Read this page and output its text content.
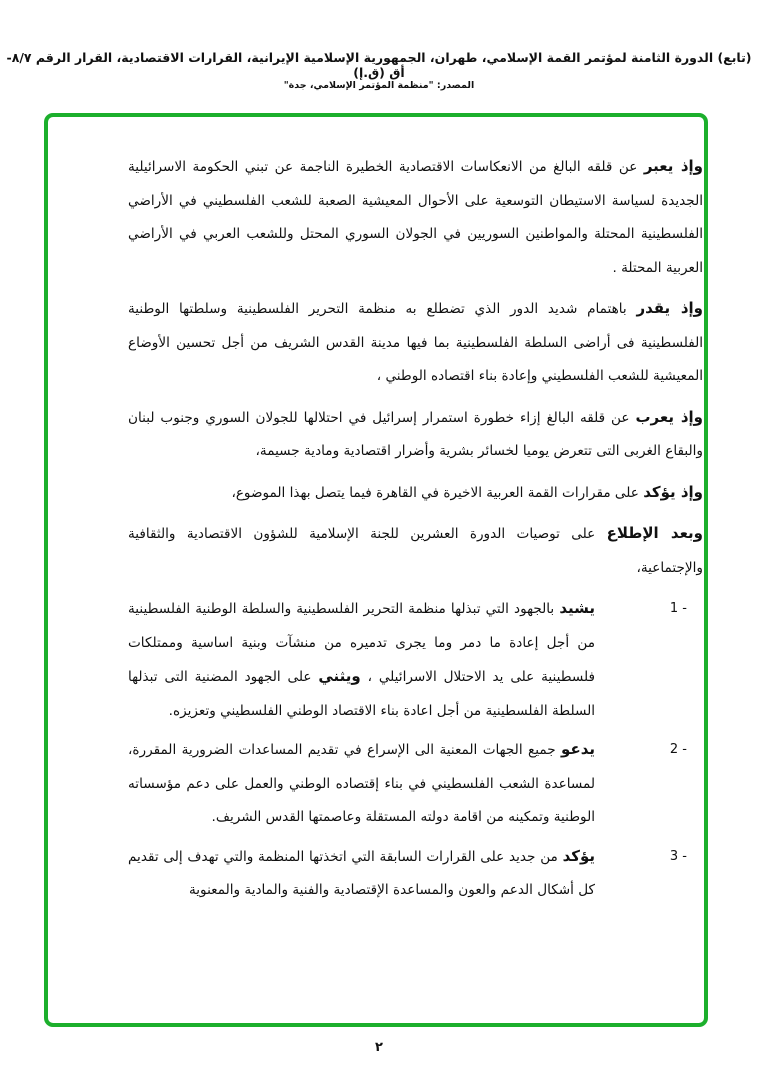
(تابع) الدورة الثامنة لمؤتمر القمة الإسلامي، طهران، الجمهورية الإسلامية الإيرانية، القرارات الاقتصادية، القرار الرقم ٨/٧-أق (ق.إ)
المصدر: "منظمة المؤتمر الإسلامي، جدة"

وإذ يعبر عن قلقه البالغ من الانعكاسات الاقتصادية الخطيرة الناجمة عن تبني الحكومة الاسرائيلية الجديدة لسياسة الاستيطان التوسعية على الأحوال المعيشية الصعبة للشعب الفلسطيني في الأراضي الفلسطينية المحتلة والمواطنين السوريين في الجولان السوري المحتل وللشعب العربي في الأراضي العربية المحتلة .

وإذ يقدر باهتمام شديد الدور الذي تضطلع به منظمة التحرير الفلسطينية وسلطتها الوطنية الفلسطينية فى أراضى السلطة الفلسطينية بما فيها مدينة القدس الشريف من أجل تحسين الأوضاع المعيشية للشعب الفلسطيني وإعادة بناء اقتصاده الوطني ،

وإذ يعرب عن قلقه البالغ إزاء خطورة استمرار إسرائيل في احتلالها للجولان السوري وجنوب لبنان والبقاع الغربى التى تتعرض يوميا لخسائر بشرية وأضرار اقتصادية ومادية جسيمة،

وإذ يؤكد على مقرارات القمة العربية الاخيرة في القاهرة فيما يتصل بهذا الموضوع،

وبعد الإطلاع على توصيات الدورة العشرين للجنة الإسلامية للشؤون الاقتصادية والثقافية والإجتماعية،

1 -
يشيد بالجهود التي تبذلها منظمة التحرير الفلسطينية والسلطة الوطنية الفلسطينية من أجل إعادة ما دمر وما يجرى تدميره من منشآت وبنية اساسية وممتلكات فلسطينية على يد الاحتلال الاسرائيلي ، ويثني على الجهود المضنية التى تبذلها السلطة الفلسطينية من أجل اعادة بناء الاقتصاد الوطني الفلسطيني وتعزيزه.

2 -
يدعو جميع الجهات المعنية الى الإسراع في تقديم المساعدات الضرورية المقررة، لمساعدة الشعب الفلسطيني في بناء إقتصاده الوطني والعمل على دعم مؤسساته الوطنية وتمكينه من اقامة دولته المستقلة وعاصمتها القدس الشريف.

3 -
يؤكد من جديد على القرارات السابقة التي اتخذتها المنظمة والتي تهدف إلى تقديم كل أشكال الدعم والعون والمساعدة الإقتصادية والفنية والمادية والمعنوية

٢
